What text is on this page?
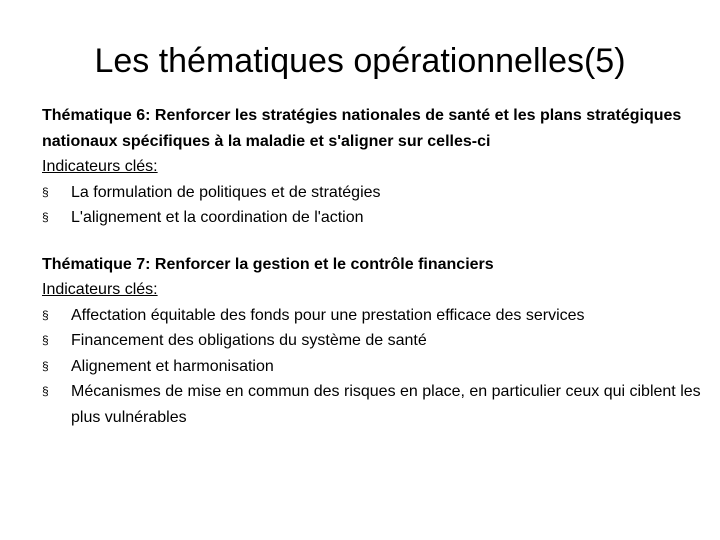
Les thématiques opérationnelles(5)

Thématique 6: Renforcer les stratégies nationales de santé et les plans stratégiques nationaux spécifiques à la maladie et s'aligner sur celles-ci

Indicateurs clés:

§ La formulation de politiques et de stratégies
§ L'alignement et la coordination de l'action

Thématique 7: Renforcer la gestion et le contrôle financiers

Indicateurs clés:

§ Affectation équitable des fonds pour une prestation efficace des services
§ Financement des obligations du système de santé
§ Alignement et harmonisation
§ Mécanismes de mise en commun des risques en place, en particulier ceux qui ciblent les plus vulnérables
